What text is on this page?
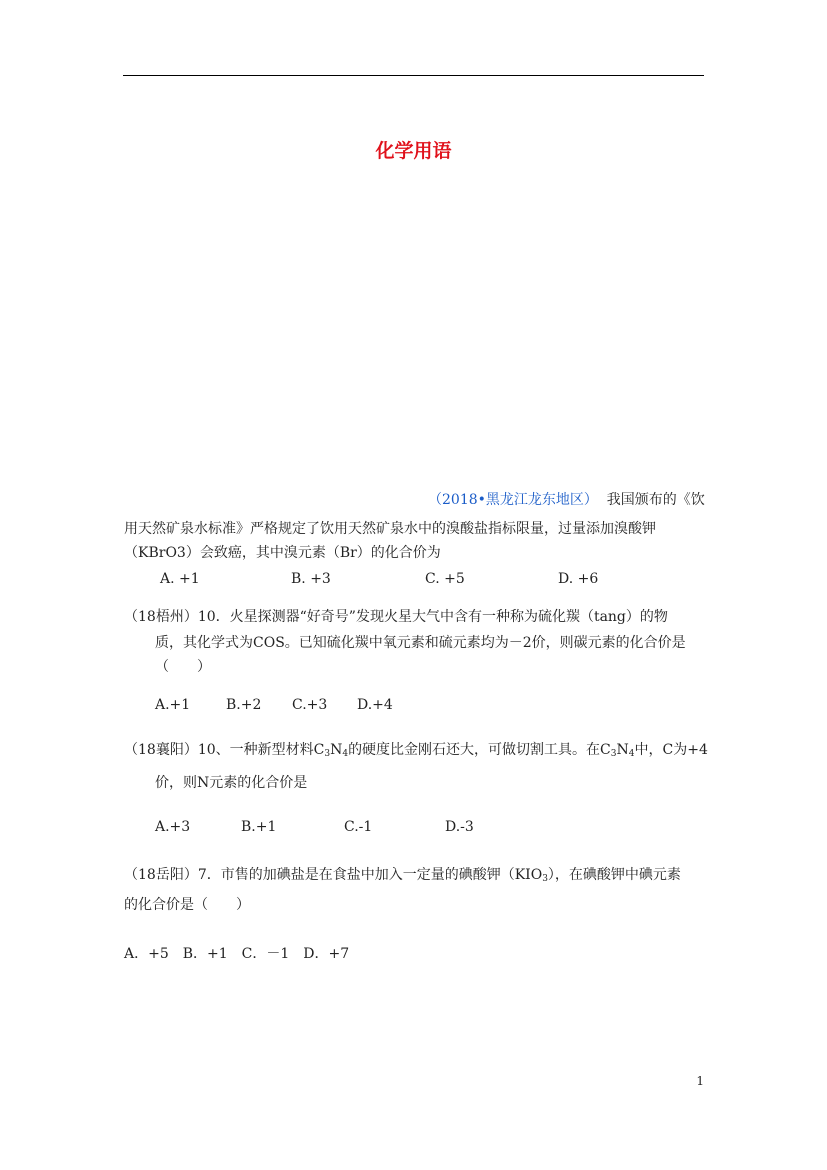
化学用语
（2018•黑龙江龙东地区） 我国颁布的《饮
用天然矿泉水标准》严格规定了饮用天然矿泉水中的溴酸盐指标限量，过量添加溴酸钾
（KBrO3）会致癌，其中溴元素（Br）的化合价为
A. +1	B. +3	C. +5	D. +6
（18梧州）10．火星探测器“好奇号”发现火星大气中含有一种称为硫化羰（tang）的物
质，其化学式为COS。已知硫化羰中氧元素和硫元素均为－2价，则碳元素的化合价是
（　　）
A.+1	B.+2 C.+3 D.+4
（18襄阳）10、一种新型材料$C_3N_4$的硬度比金刚石还大，可做切割工具。在$C_3N_4$中，C为+4
价，则N元素的化合价是
A.+3	B.+1	C.-1	D.-3
（18岳阳）7．市售的加碘盐是在食盐中加入一定量的碘酸钾$(KIO_3)$，在碘酸钾中碘元素
的化合价是（　　）
A．+5　B．+1　C．－1　D．+7
1
